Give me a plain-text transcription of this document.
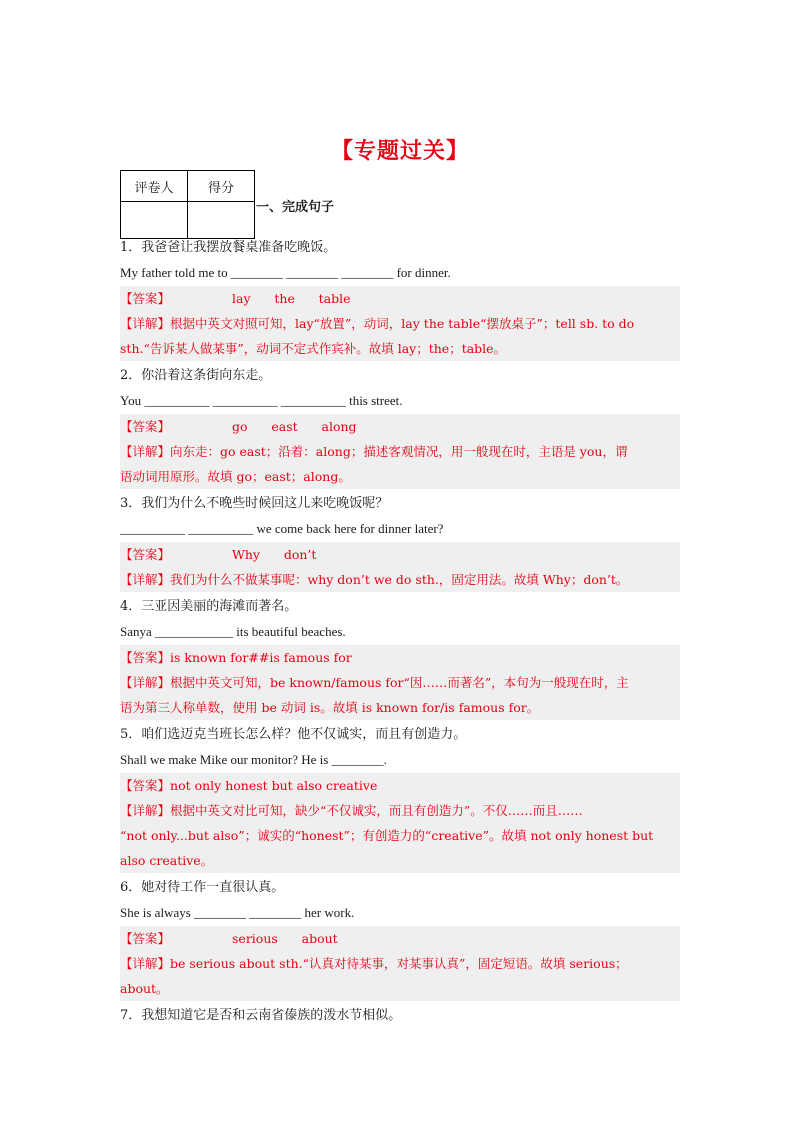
【专题过关】
评卷人	得分

一、完成句子
1．我爸爸让我摆放餐桌准备吃晚饭。
My father told me to ________ ________ ________ for dinner.
【答案】	lay      the      table
【详解】根据中英文对照可知，lay“放置”，动词，lay the table“摆放桌子”；tell sb. to do
sth.“告诉某人做某事”，动词不定式作宾补。故填 lay；the；table。
2．你沿着这条街向东走。
You __________ __________ __________ this street.
【答案】	go      east      along
【详解】向东走：go east；沿着：along；描述客观情况，用一般现在时，主语是 you，谓
语动词用原形。故填 go；east；along。
3．我们为什么不晚些时候回这儿来吃晚饭呢？
__________ __________ we come back here for dinner later?
【答案】	Why      don’t
【详解】我们为什么不做某事呢：why don’t we do sth.，固定用法。故填 Why；don’t。
4．三亚因美丽的海滩而著名。
Sanya ____________ its beautiful beaches.
【答案】is known for##is famous for
【详解】根据中英文可知，be known/famous for“因……而著名”，本句为一般现在时，主
语为第三人称单数，使用 be 动词 is。故填 is known for/is famous for。
5．咱们选迈克当班长怎么样？他不仅诚实，而且有创造力。
Shall we make Mike our monitor? He is ________.
【答案】not only honest but also creative
【详解】根据中英文对比可知，缺少“不仅诚实，而且有创造力”。不仅……而且……
“not only...but also”；诚实的“honest”；有创造力的“creative”。故填 not only honest but
also creative。
6．她对待工作一直很认真。
She is always ________ ________ her work.
【答案】	serious      about
【详解】be serious about sth.“认真对待某事，对某事认真”，固定短语。故填 serious；
about。
7．我想知道它是否和云南省傣族的泼水节相似。
